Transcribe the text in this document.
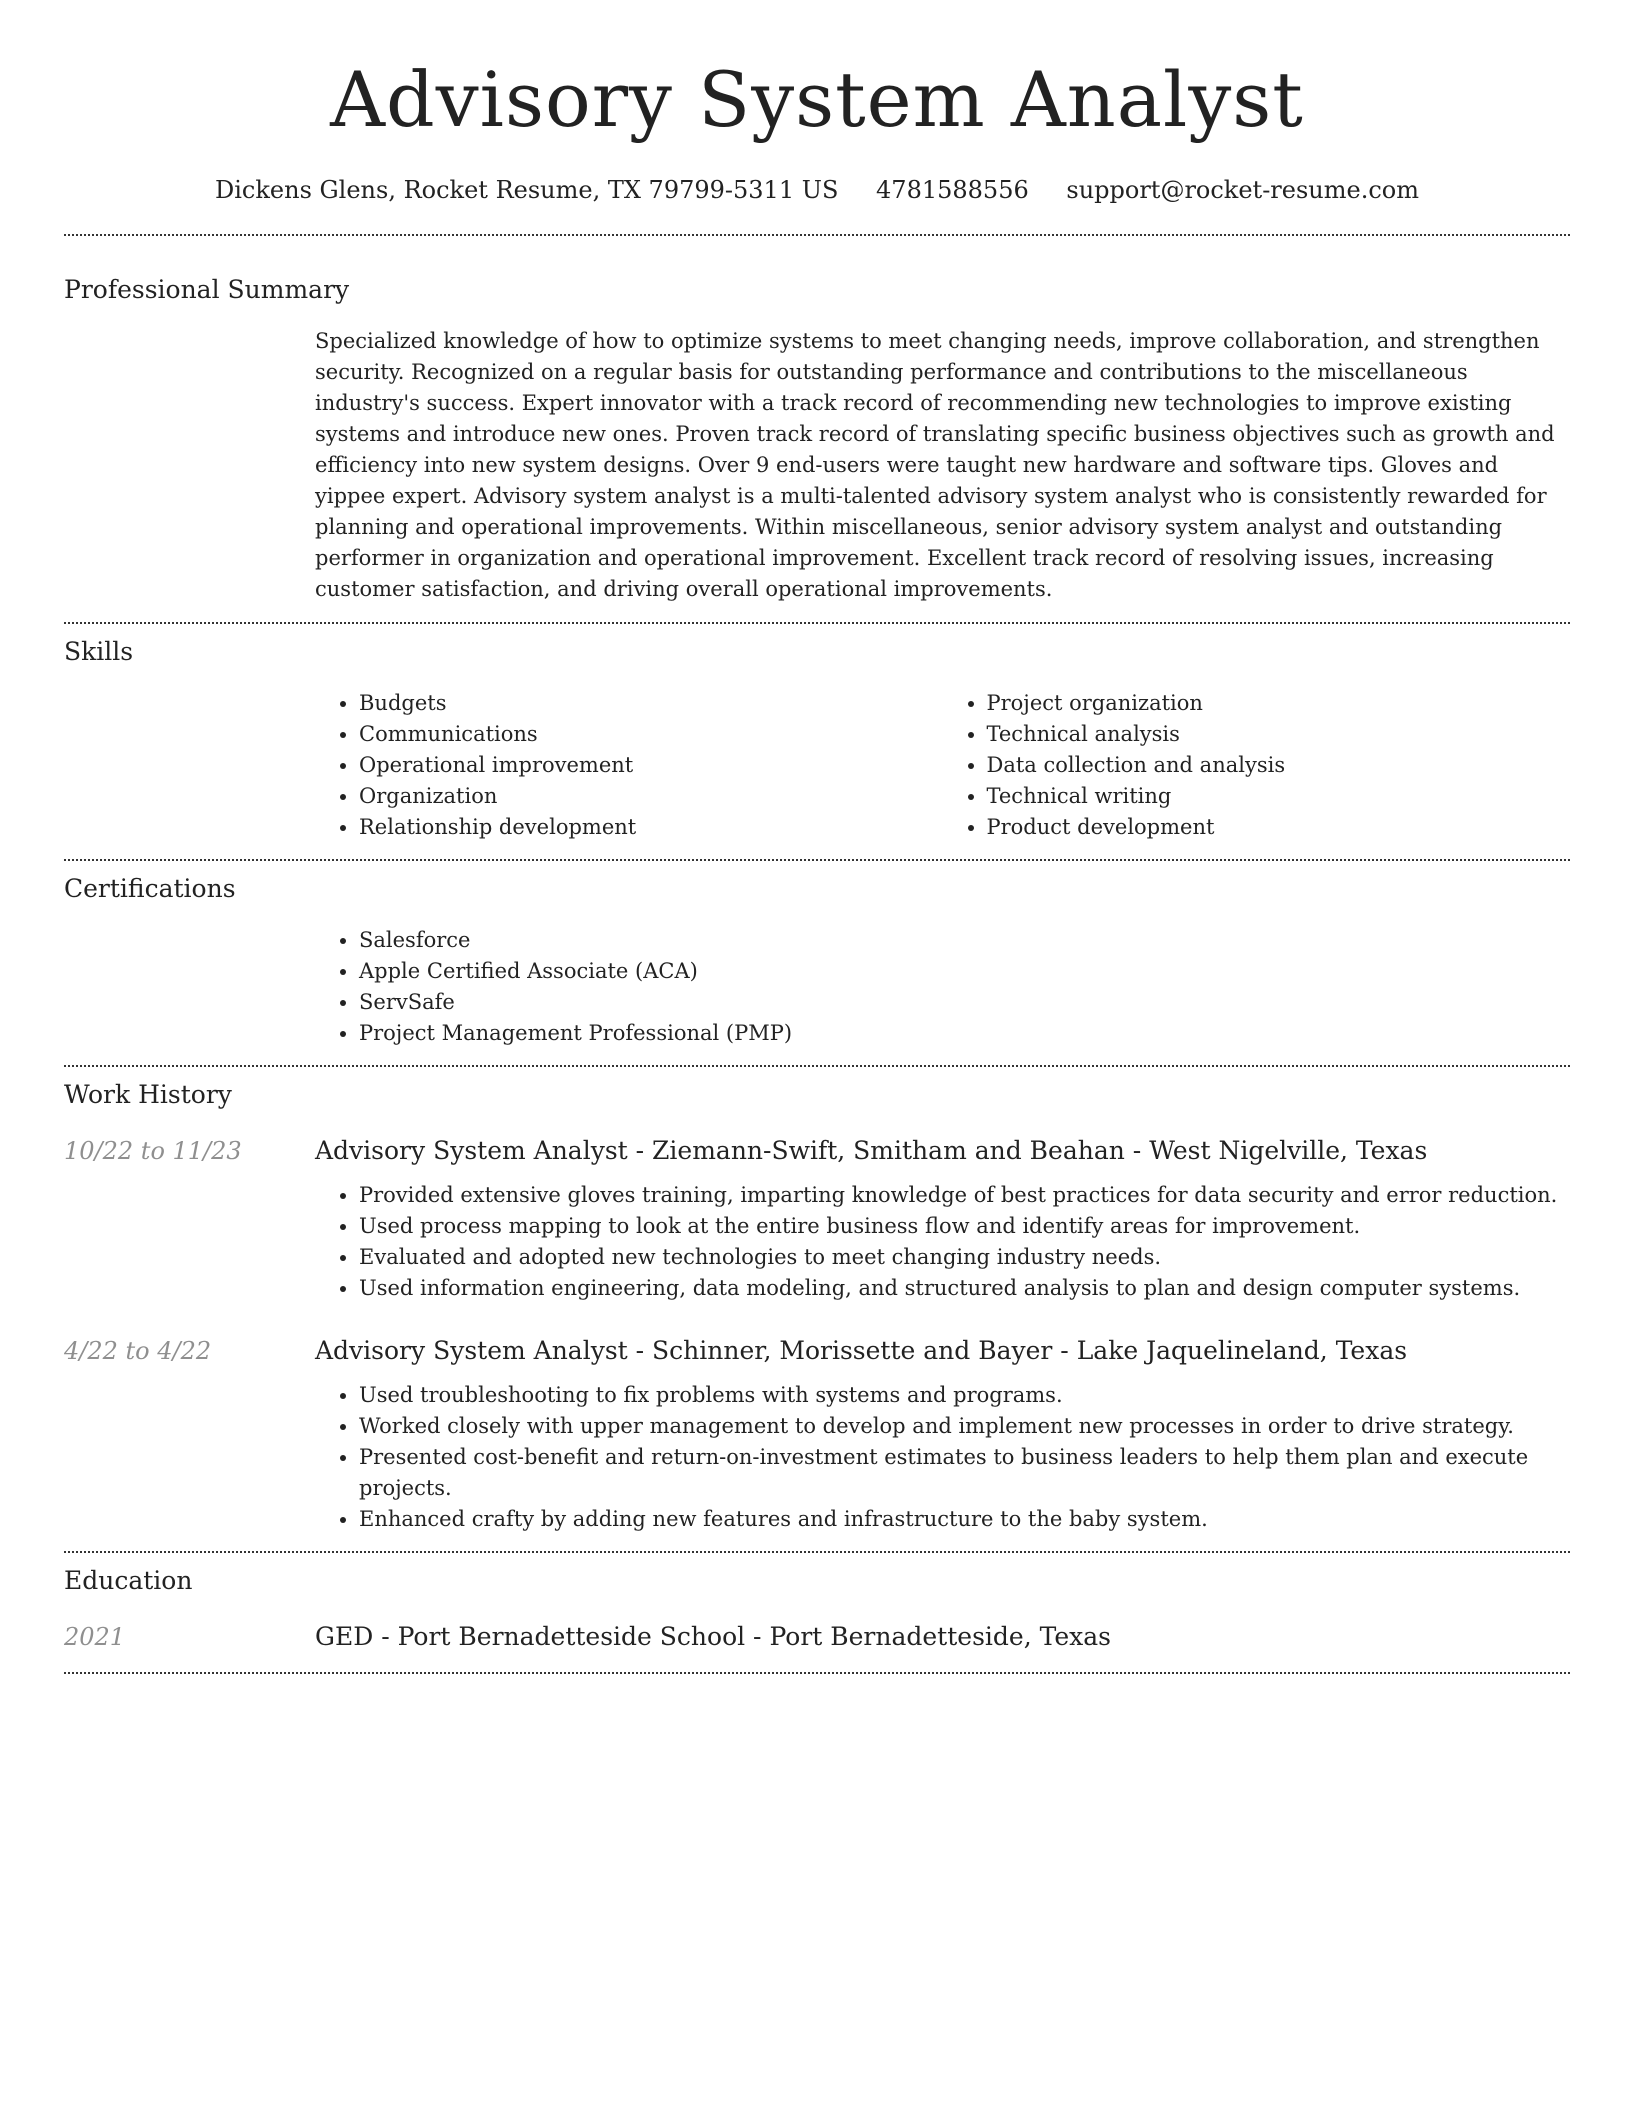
Advisory System Analyst
Dickens Glens, Rocket Resume, TX 79799-5311 US 4781588556 support@rocket-resume.com
Professional Summary

Specialized knowledge of how to optimize systems to meet changing needs, improve collaboration, and strengthen security. Recognized on a regular basis for outstanding performance and contributions to the miscellaneous industry's success. Expert innovator with a track record of recommending new technologies to improve existing systems and introduce new ones. Proven track record of translating specific business objectives such as growth and efficiency into new system designs. Over 9 end-users were taught new hardware and software tips. Gloves and yippee expert. Advisory system analyst is a multi-talented advisory system analyst who is consistently rewarded for planning and operational improvements. Within miscellaneous, senior advisory system analyst and outstanding performer in organization and operational improvement. Excellent track record of resolving issues, increasing customer satisfaction, and driving overall operational improvements.

Skills
• Budgets
• Communications
• Operational improvement
• Organization
• Relationship development
• Project organization
• Technical analysis
• Data collection and analysis
• Technical writing
• Product development
Certifications
• Salesforce
• Apple Certified Associate (ACA)
• ServSafe
• Project Management Professional (PMP)
Work History
10/22 to 11/23	Advisory System Analyst - Ziemann-Swift, Smitham and Beahan - West Nigelville, Texas
• Provided extensive gloves training, imparting knowledge of best practices for data security and error reduction.
• Used process mapping to look at the entire business flow and identify areas for improvement.
• Evaluated and adopted new technologies to meet changing industry needs.
• Used information engineering, data modeling, and structured analysis to plan and design computer systems.
4/22 to 4/22	Advisory System Analyst - Schinner, Morissette and Bayer - Lake Jaquelineland, Texas
• Used troubleshooting to fix problems with systems and programs.
• Worked closely with upper management to develop and implement new processes in order to drive strategy.
• Presented cost-benefit and return-on-investment estimates to business leaders to help them plan and execute projects.
• Enhanced crafty by adding new features and infrastructure to the baby system.
Education
2021	GED - Port Bernadetteside School - Port Bernadetteside, Texas
